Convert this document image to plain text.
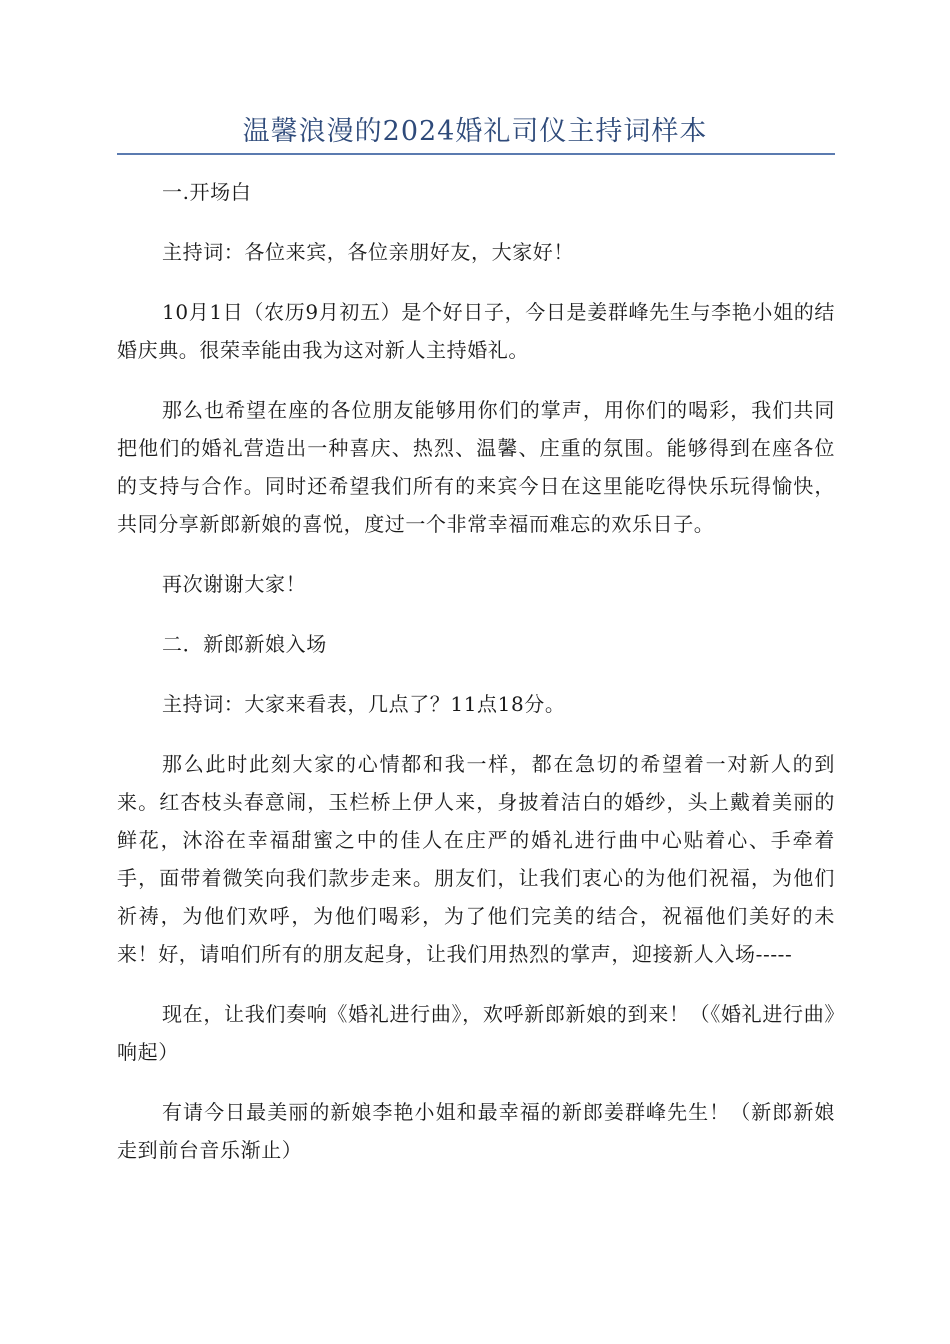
温馨浪漫的2024婚礼司仪主持词样本

一.开场白

主持词：各位来宾，各位亲朋好友，大家好！

10月1日（农历9月初五）是个好日子，今日是姜群峰先生与李艳小姐的结婚庆典。很荣幸能由我为这对新人主持婚礼。

那么也希望在座的各位朋友能够用你们的掌声，用你们的喝彩，我们共同把他们的婚礼营造出一种喜庆、热烈、温馨、庄重的氛围。能够得到在座各位的支持与合作。同时还希望我们所有的来宾今日在这里能吃得快乐玩得愉快，共同分享新郎新娘的喜悦，度过一个非常幸福而难忘的欢乐日子。

再次谢谢大家！

二．新郎新娘入场

主持词：大家来看表，几点了？11点18分。

那么此时此刻大家的心情都和我一样，都在急切的希望着一对新人的到来。红杏枝头春意闹，玉栏桥上伊人来，身披着洁白的婚纱，头上戴着美丽的鲜花，沐浴在幸福甜蜜之中的佳人在庄严的婚礼进行曲中心贴着心、手牵着手，面带着微笑向我们款步走来。朋友们，让我们衷心的为他们祝福，为他们祈祷，为他们欢呼，为他们喝彩，为了他们完美的结合，祝福他们美好的未来！好，请咱们所有的朋友起身，让我们用热烈的掌声，迎接新人入场-----

现在，让我们奏响《婚礼进行曲》，欢呼新郎新娘的到来！（《婚礼进行曲》响起）

有请今日最美丽的新娘李艳小姐和最幸福的新郎姜群峰先生！（新郎新娘走到前台音乐渐止）
